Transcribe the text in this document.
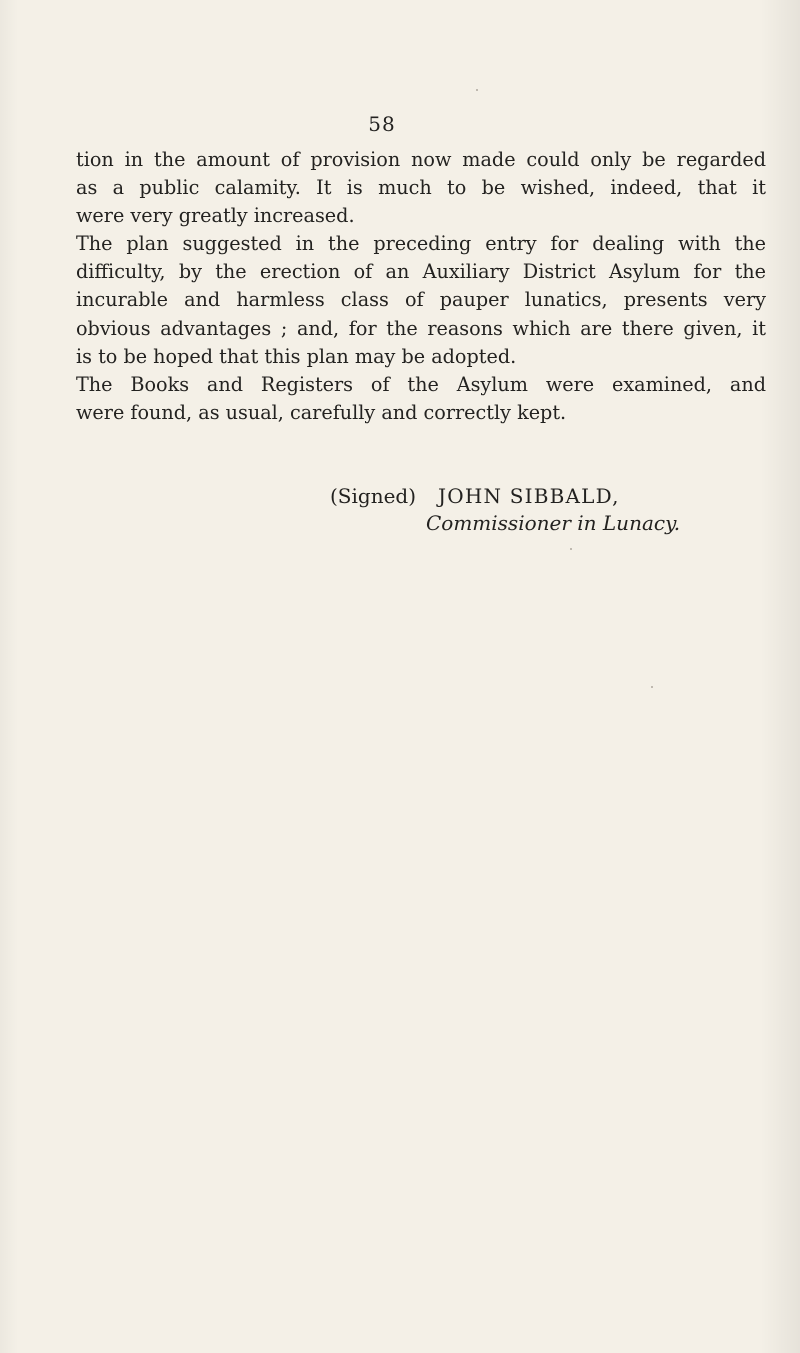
58
tion in the amount of provision now made could only be regarded
as a public calamity. It is much to be wished, indeed, that it
were very greatly increased.
The plan suggested in the preceding entry for dealing with the
difficulty, by the erection of an Auxiliary District Asylum for the
incurable and harmless class of pauper lunatics, presents very
obvious advantages ; and, for the reasons which are there given, it
is to be hoped that this plan may be adopted.
The Books and Registers of the Asylum were examined, and
were found, as usual, carefully and correctly kept.
(Signed) JOHN SIBBALD,
Commissioner in Lunacy.
